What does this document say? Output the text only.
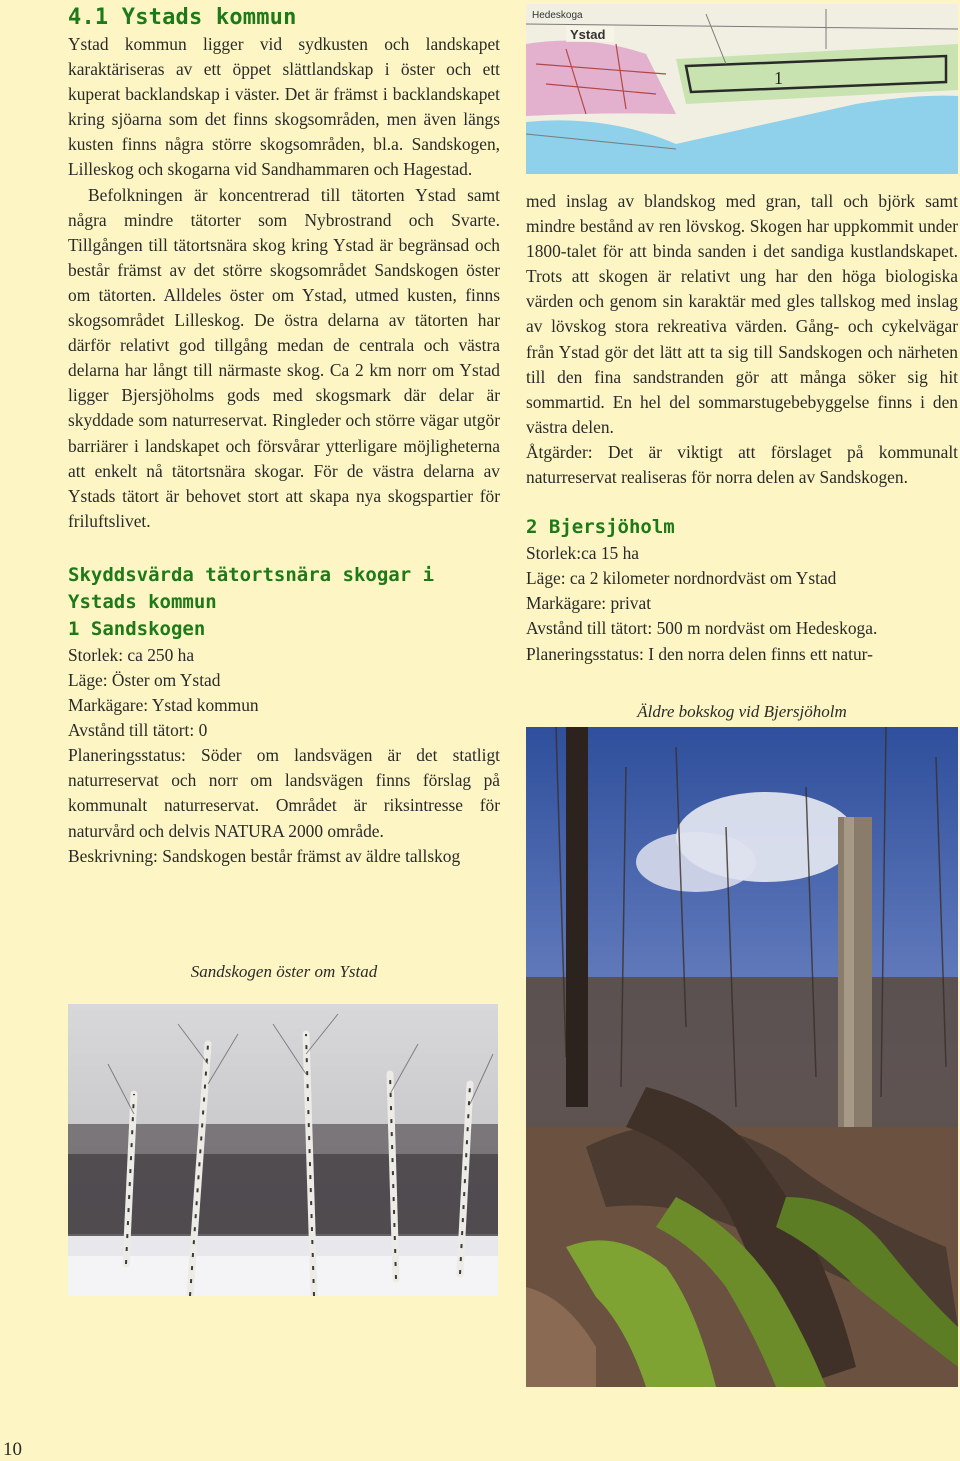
4.1 Ystads kommun

Ystad kommun ligger vid sydkusten och landskapet karaktäriseras av ett öppet slättlandskap i öster och ett kuperat backlandskap i väster. Det är främst i backlandskapet kring sjöarna som det finns skogsområden, men även längs kusten finns några större skogsområden, bl.a. Sandskogen, Lilleskog och skogarna vid Sandhammaren och Hagestad.

Befolkningen är koncentrerad till tätorten Ystad samt några mindre tätorter som Nybrostrand och Svarte. Tillgången till tätortsnära skog kring Ystad är begränsad och består främst av det större skogsområdet Sandskogen öster om tätorten. Alldeles öster om Ystad, utmed kusten, finns skogsområdet Lilleskog. De östra delarna av tätorten har därför relativt god tillgång medan de centrala och västra delarna har långt till närmaste skog. Ca 2 km norr om Ystad ligger Bjersjöholms gods med skogsmark där delar är skyddade som naturreservat. Ringleder och större vägar utgör barriärer i landskapet och försvårar ytterligare möjligheterna att enkelt nå tätortsnära skogar. För de västra delarna av Ystads tätort är behovet stort att skapa nya skogspartier för friluftslivet.

Skyddsvärda tätortsnära skogar i Ystads kommun
1 Sandskogen

Storlek: ca 250 ha

Läge: Öster om Ystad

Markägare: Ystad kommun

Avstånd till tätort: 0

Planeringsstatus: Söder om landsvägen är det statligt naturreservat och norr om landsvägen finns förslag på kommunalt naturreservat. Området är riksintresse för naturvård och delvis NATURA 2000 område.

Beskrivning: Sandskogen består främst av äldre tallskog

Sandskogen öster om Ystad
Hedeskoga
Ystad
1

med inslag av blandskog med gran, tall och björk samt mindre bestånd av ren lövskog. Skogen har uppkommit under 1800-talet för att binda sanden i det sandiga kustlandskapet. Trots att skogen är relativt ung har den höga biologiska värden och genom sin karaktär med gles tallskog med inslag av lövskog stora rekreativa värden. Gång- och cykelvägar från Ystad gör det lätt att ta sig till Sandskogen och närheten till den fina sandstranden gör att många söker sig hit sommartid. En hel del sommarstugebebyggelse finns i den västra delen.

Åtgärder: Det är viktigt att förslaget på kommunalt naturreservat realiseras för norra delen av Sandskogen.

2 Bjersjöholm

Storlek:ca 15 ha

Läge: ca 2 kilometer nordnordväst om Ystad

Markägare: privat

Avstånd till tätort: 500 m nordväst om Hedeskoga.

Planeringsstatus: I den norra delen finns ett natur-

Äldre bokskog vid Bjersjöholm
10
